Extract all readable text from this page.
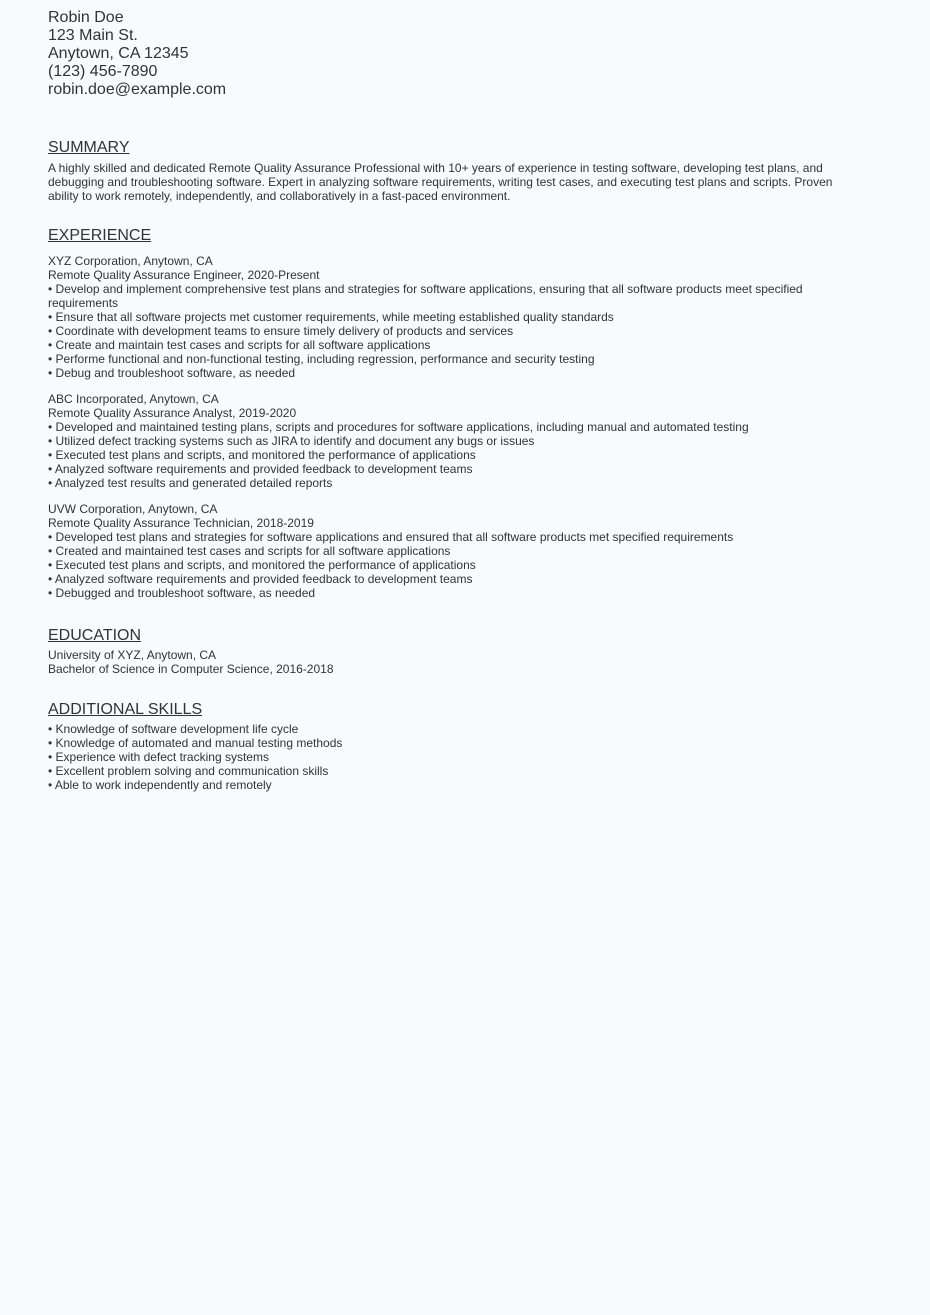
Robin Doe
123 Main St.
Anytown, CA 12345
(123) 456-7890
robin.doe@example.com
SUMMARY
A highly skilled and dedicated Remote Quality Assurance Professional with 10+ years of experience in testing software, developing test plans, and debugging and troubleshooting software. Expert in analyzing software requirements, writing test cases, and executing test plans and scripts. Proven ability to work remotely, independently, and collaboratively in a fast-paced environment.
EXPERIENCE
XYZ Corporation, Anytown, CA
Remote Quality Assurance Engineer, 2020-Present
• Develop and implement comprehensive test plans and strategies for software applications, ensuring that all software products meet specified requirements
• Ensure that all software projects met customer requirements, while meeting established quality standards
• Coordinate with development teams to ensure timely delivery of products and services
• Create and maintain test cases and scripts for all software applications
• Performe functional and non-functional testing, including regression, performance and security testing
• Debug and troubleshoot software, as needed
ABC Incorporated, Anytown, CA
Remote Quality Assurance Analyst, 2019-2020
• Developed and maintained testing plans, scripts and procedures for software applications, including manual and automated testing
• Utilized defect tracking systems such as JIRA to identify and document any bugs or issues
• Executed test plans and scripts, and monitored the performance of applications
• Analyzed software requirements and provided feedback to development teams
• Analyzed test results and generated detailed reports
UVW Corporation, Anytown, CA
Remote Quality Assurance Technician, 2018-2019
• Developed test plans and strategies for software applications and ensured that all software products met specified requirements
• Created and maintained test cases and scripts for all software applications
• Executed test plans and scripts, and monitored the performance of applications
• Analyzed software requirements and provided feedback to development teams
• Debugged and troubleshoot software, as needed
EDUCATION
University of XYZ, Anytown, CA
Bachelor of Science in Computer Science, 2016-2018
ADDITIONAL SKILLS
• Knowledge of software development life cycle
• Knowledge of automated and manual testing methods
• Experience with defect tracking systems
• Excellent problem solving and communication skills
• Able to work independently and remotely
